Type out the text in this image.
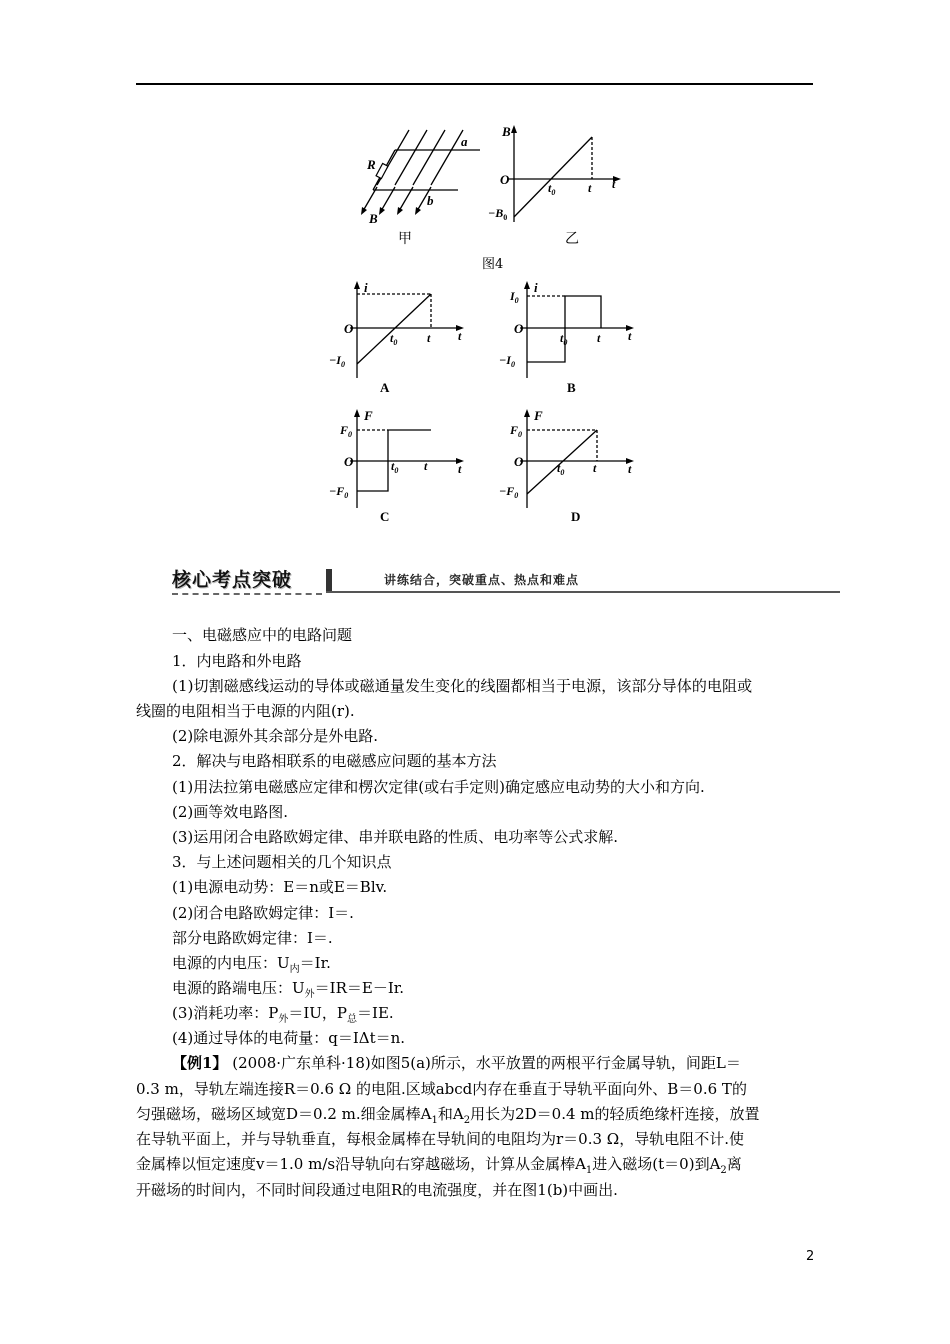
R
a
b
B
甲
B
O
$t_0$	t t
$-B_0$
乙
图4
i
O
$t_0$ t t
$-I_0$
A
i
$I_0$
O
$t_0$ t t
$-I_0$
B
F
$F_0$
O	$t_0$ t	t
$-F_0$
C
F
$F_0$
O	$t_0$ t	t
$-F_0$
D
核心考点突破	讲练结合，突破重点、热点和难点
一、电磁感应中的电路问题
1．内电路和外电路
(1)切割磁感线运动的导体或磁通量发生变化的线圈都相当于电源，该部分导体的电阻或
线圈的电阻相当于电源的内阻(r).
(2)除电源外其余部分是外电路.
2．解决与电路相联系的电磁感应问题的基本方法
(1)用法拉第电磁感应定律和楞次定律(或右手定则)确定感应电动势的大小和方向.
(2)画等效电路图.
(3)运用闭合电路欧姆定律、串并联电路的性质、电功率等公式求解.
3．与上述问题相关的几个知识点
(1)电源电动势：E＝n或E＝Blv.
(2)闭合电路欧姆定律：I＝.
部分电路欧姆定律：I＝.
电源的内电压：$U_内=Ir$.
电源的路端电压：$U_外=IR=E-Ir$.
(3)消耗功率：$P_外=IU$，$P_总=IE$.
(4)通过导体的电荷量：q＝IΔt＝n.
【例1】 (2008·广东单科·18)如图5(a)所示，水平放置的两根平行金属导轨，间距L＝
0.3 m，导轨左端连接R＝0.6 Ω 的电阻.区域abcd内存在垂直于导轨平面向外、B＝0.6 T的
匀强磁场，磁场区域宽D＝0.2 m.细金属棒$A_1$和$A_2$用长为2D＝0.4 m的轻质绝缘杆连接，放置
在导轨平面上，并与导轨垂直，每根金属棒在导轨间的电阻均为r＝0.3 Ω，导轨电阻不计.使
金属棒以恒定速度v＝1.0 m/s沿导轨向右穿越磁场，计算从金属棒$A_1$进入磁场(t＝0)到$A_2$离
开磁场的时间内，不同时间段通过电阻R的电流强度，并在图1(b)中画出.
2
